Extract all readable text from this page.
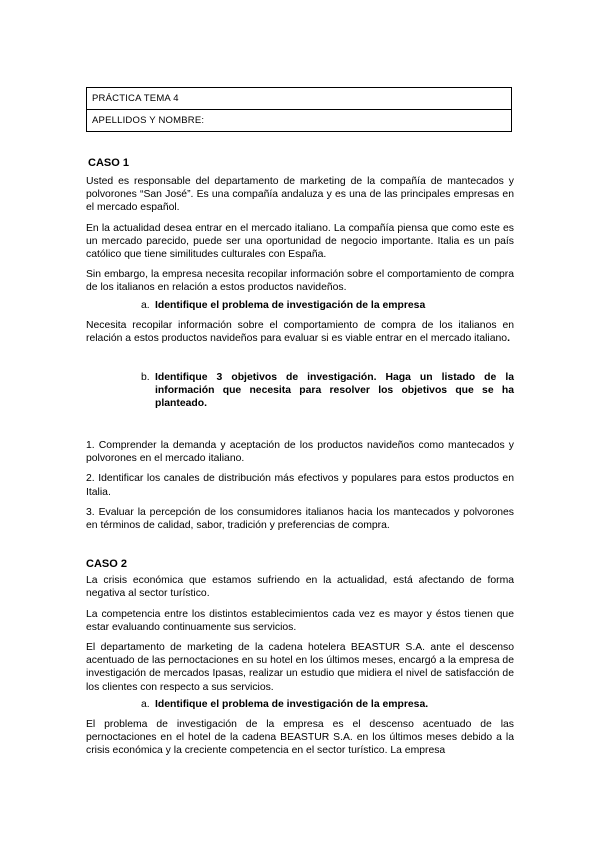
PRÁCTICA TEMA 4
APELLIDOS Y NOMBRE:
CASO 1

Usted es responsable del departamento de marketing de la compañía de mantecados y polvorones “San José”. Es una compañía andaluza y es una de las principales empresas en el mercado español.

En la actualidad desea entrar en el mercado italiano. La compañía piensa que como este es un mercado parecido, puede ser una oportunidad de negocio importante. Italia es un país católico que tiene similitudes culturales con España.

Sin embargo, la empresa necesita recopilar información sobre el comportamiento de compra de los italianos en relación a estos productos navideños.

a. Identifique el problema de investigación de la empresa

Necesita recopilar información sobre el comportamiento de compra de los italianos en relación a estos productos navideños para evaluar si es viable entrar en el mercado italiano.

b. Identifique 3 objetivos de investigación. Haga un listado de la información que necesita para resolver los objetivos que se ha planteado.

1. Comprender la demanda y aceptación de los productos navideños como mantecados y polvorones en el mercado italiano.

2. Identificar los canales de distribución más efectivos y populares para estos productos en Italia.

3. Evaluar la percepción de los consumidores italianos hacia los mantecados y polvorones en términos de calidad, sabor, tradición y preferencias de compra.

CASO 2

La crisis económica que estamos sufriendo en la actualidad, está afectando de forma negativa al sector turístico.

La competencia entre los distintos establecimientos cada vez es mayor y éstos tienen que estar evaluando continuamente sus servicios.

El departamento de marketing de la cadena hotelera BEASTUR S.A. ante el descenso acentuado de las pernoctaciones en su hotel en los últimos meses, encargó a la empresa de investigación de mercados Ipasas, realizar un estudio que midiera el nivel de satisfacción de los clientes con respecto a sus servicios.

a. Identifique el problema de investigación de la empresa.

El problema de investigación de la empresa es el descenso acentuado de las pernoctaciones en el hotel de la cadena BEASTUR S.A. en los últimos meses debido a la crisis económica y la creciente competencia en el sector turístico. La empresa
